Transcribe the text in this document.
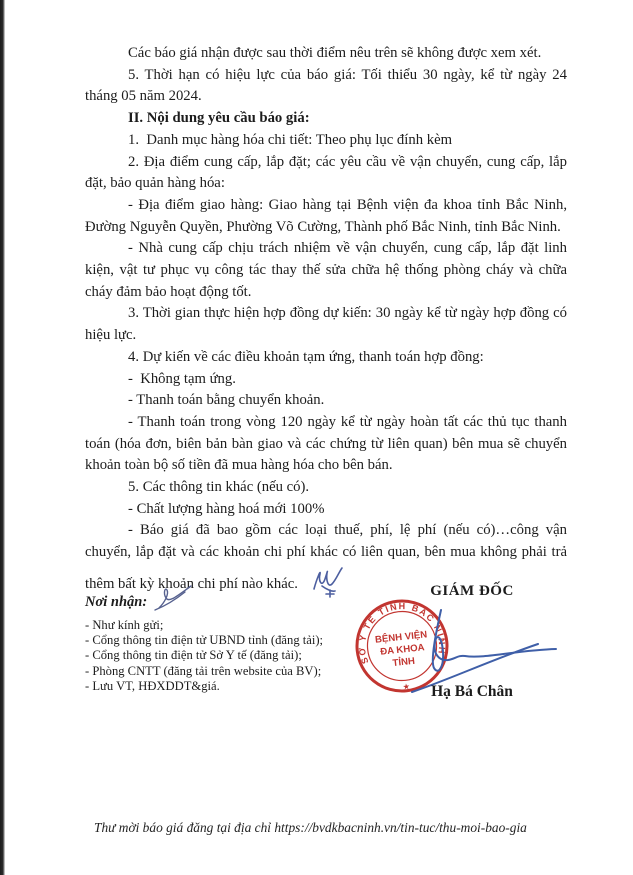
Các báo giá nhận được sau thời điểm nêu trên sẽ không được xem xét.

5. Thời hạn có hiệu lực của báo giá: Tối thiểu 30 ngày, kể từ ngày 24 tháng 05 năm 2024.

II. Nội dung yêu cầu báo giá:

1.  Danh mục hàng hóa chi tiết: Theo phụ lục đính kèm

2. Địa điểm cung cấp, lắp đặt; các yêu cầu về vận chuyển, cung cấp, lắp đặt, bảo quản hàng hóa:

- Địa điểm giao hàng: Giao hàng tại Bệnh viện đa khoa tỉnh Bắc Ninh, Đường Nguyễn Quyền, Phường Võ Cường, Thành phố Bắc Ninh, tỉnh Bắc Ninh.

- Nhà cung cấp chịu trách nhiệm về vận chuyển, cung cấp, lắp đặt linh kiện, vật tư phục vụ công tác thay thế sửa chữa hệ thống phòng cháy và chữa cháy đảm bảo hoạt động tốt.

3. Thời gian thực hiện hợp đồng dự kiến: 30 ngày kể từ ngày hợp đồng có hiệu lực.

4. Dự kiến về các điều khoản tạm ứng, thanh toán hợp đồng:

-  Không tạm ứng.

- Thanh toán bằng chuyển khoản.

- Thanh toán trong vòng 120 ngày kể từ ngày hoàn tất các thủ tục thanh toán (hóa đơn, biên bản bàn giao và các chứng từ liên quan) bên mua sẽ chuyển khoản toàn bộ số tiền đã mua hàng hóa cho bên bán.

5. Các thông tin khác (nếu có).

- Chất lượng hàng hoá mới 100%

- Báo giá đã bao gồm các loại thuế, phí, lệ phí (nếu có)…công vận chuyển, lắp đặt và các khoản chi phí khác có liên quan, bên mua không phải trả thêm bất kỳ khoản chi phí nào khác.

Nơi nhận:
- Như kính gửi;
- Cổng thông tin điện tử UBND tỉnh (đăng tải);
- Cổng thông tin điện tử Sở Y tế (đăng tải);
- Phòng CNTT (đăng tải trên website của BV);
- Lưu VT, HĐXDDT&giá.
GIÁM ĐỐC
SỞ Y TẾ TỈNH BẮC NINH
★
BỆNH VIỆN
ĐA KHOA
TỈNH
Hạ Bá Chân
Thư mời báo giá đăng tại địa chỉ https://bvdkbacninh.vn/tin-tuc/thu-moi-bao-gia
